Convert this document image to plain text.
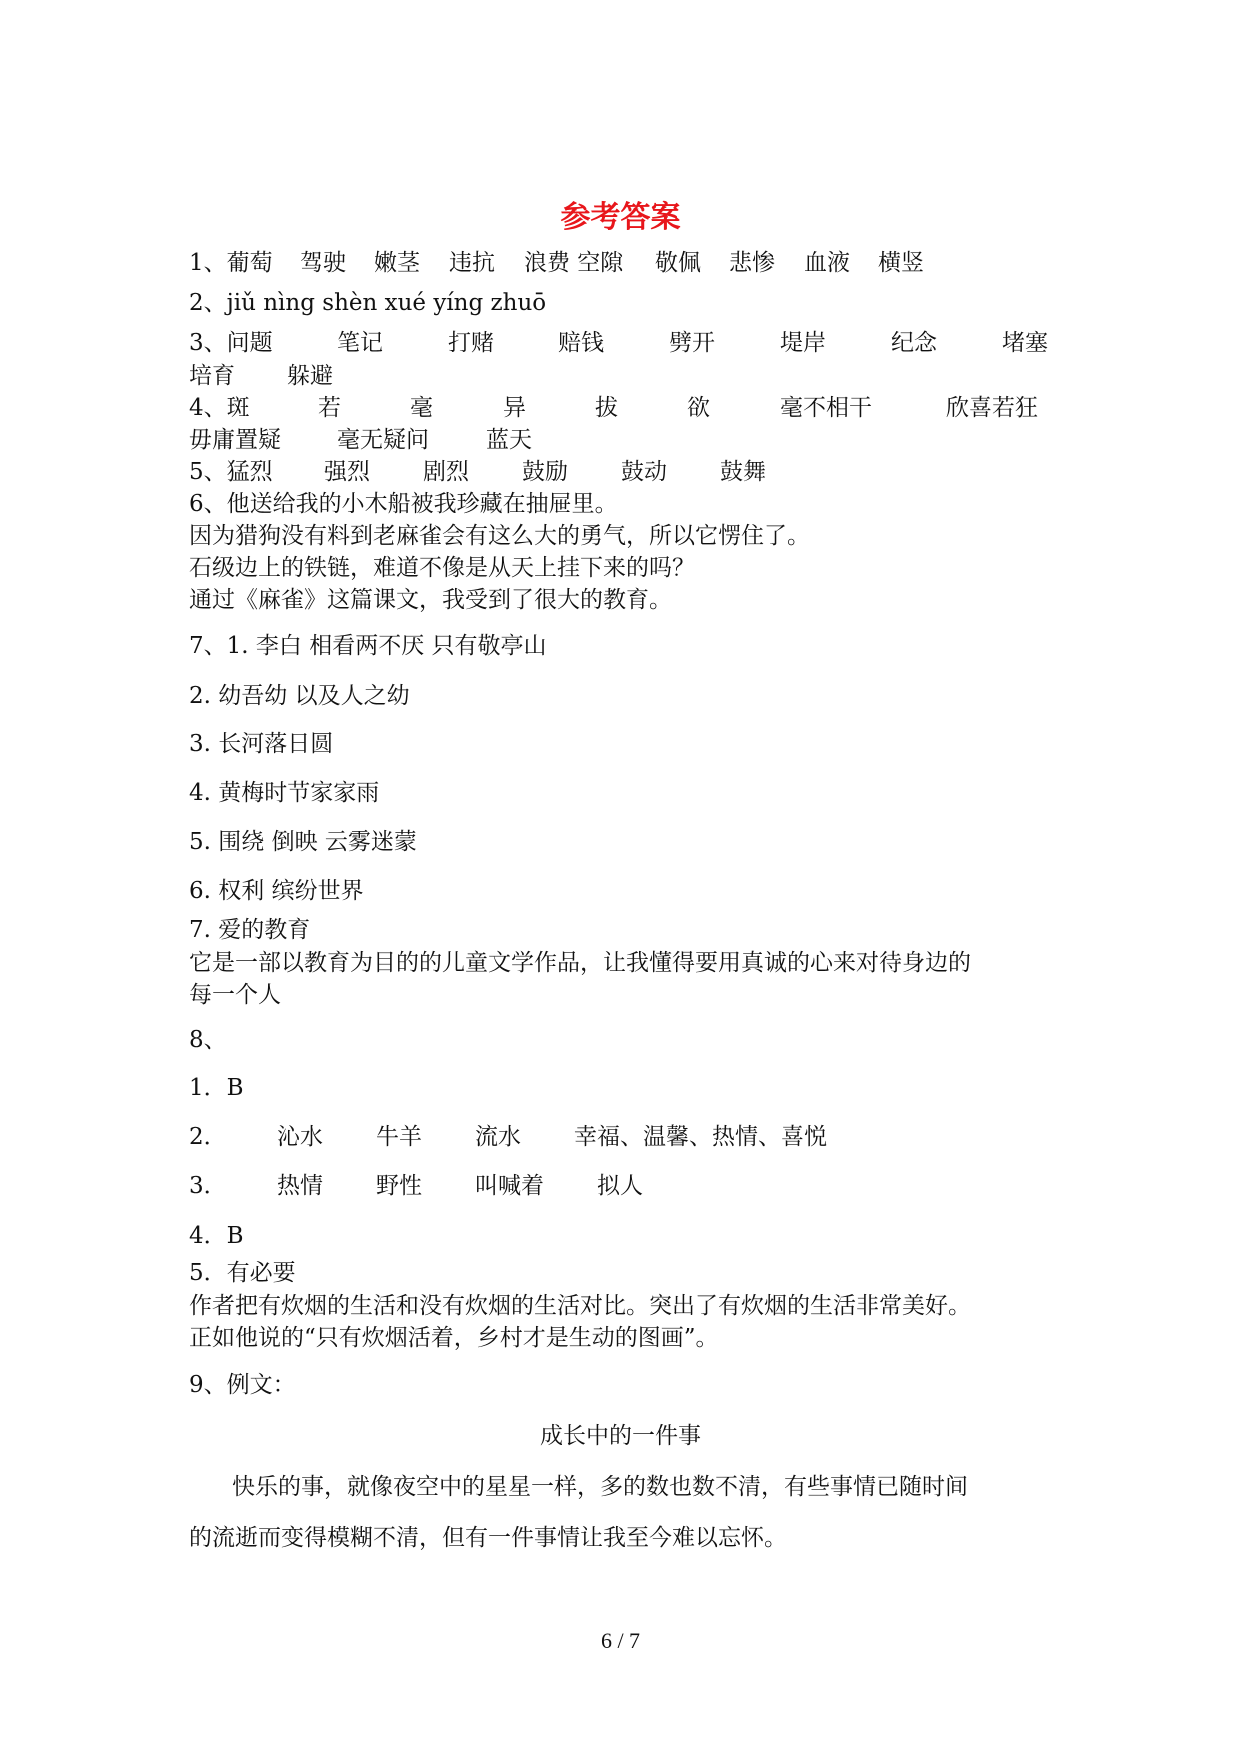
参考答案
1、葡萄 驾驶 嫩茎 违抗 浪费 空隙 敬佩 悲惨 血液 横竖
2、jiǔ nìng shèn xué yíng zhuō
3、问题	笔记	打赌	赔钱	劈开	堤岸	纪念	堵塞
培育 躲避
4、斑	若	毫	异	拔	欲	毫不相干	欣喜若狂
毋庸置疑 毫无疑问 蓝天
5、猛烈 强烈 剧烈 鼓励 鼓动 鼓舞
6、他送给我的小木船被我珍藏在抽屉里。
因为猎狗没有料到老麻雀会有这么大的勇气，所以它愣住了。
石级边上的铁链，难道不像是从天上挂下来的吗？
通过《麻雀》这篇课文，我受到了很大的教育。
7、1. 李白 相看两不厌 只有敬亭山
2. 幼吾幼 以及人之幼
3. 长河落日圆
4. 黄梅时节家家雨
5. 围绕 倒映 云雾迷蒙
6. 权利 缤纷世界
7. 爱的教育
它是一部以教育为目的的儿童文学作品，让我懂得要用真诚的心来对待身边的
每一个人
8、
1．B
2． 沁水 牛羊 流水 幸福、温馨、热情、喜悦
3． 热情 野性 叫喊着 拟人
4．B
5．有必要
作者把有炊烟的生活和没有炊烟的生活对比。突出了有炊烟的生活非常美好。
正如他说的“只有炊烟活着，乡村才是生动的图画”。
9、例文：
成长中的一件事
快乐的事，就像夜空中的星星一样，多的数也数不清，有些事情已随时间
的流逝而变得模糊不清，但有一件事情让我至今难以忘怀。
6 / 7
